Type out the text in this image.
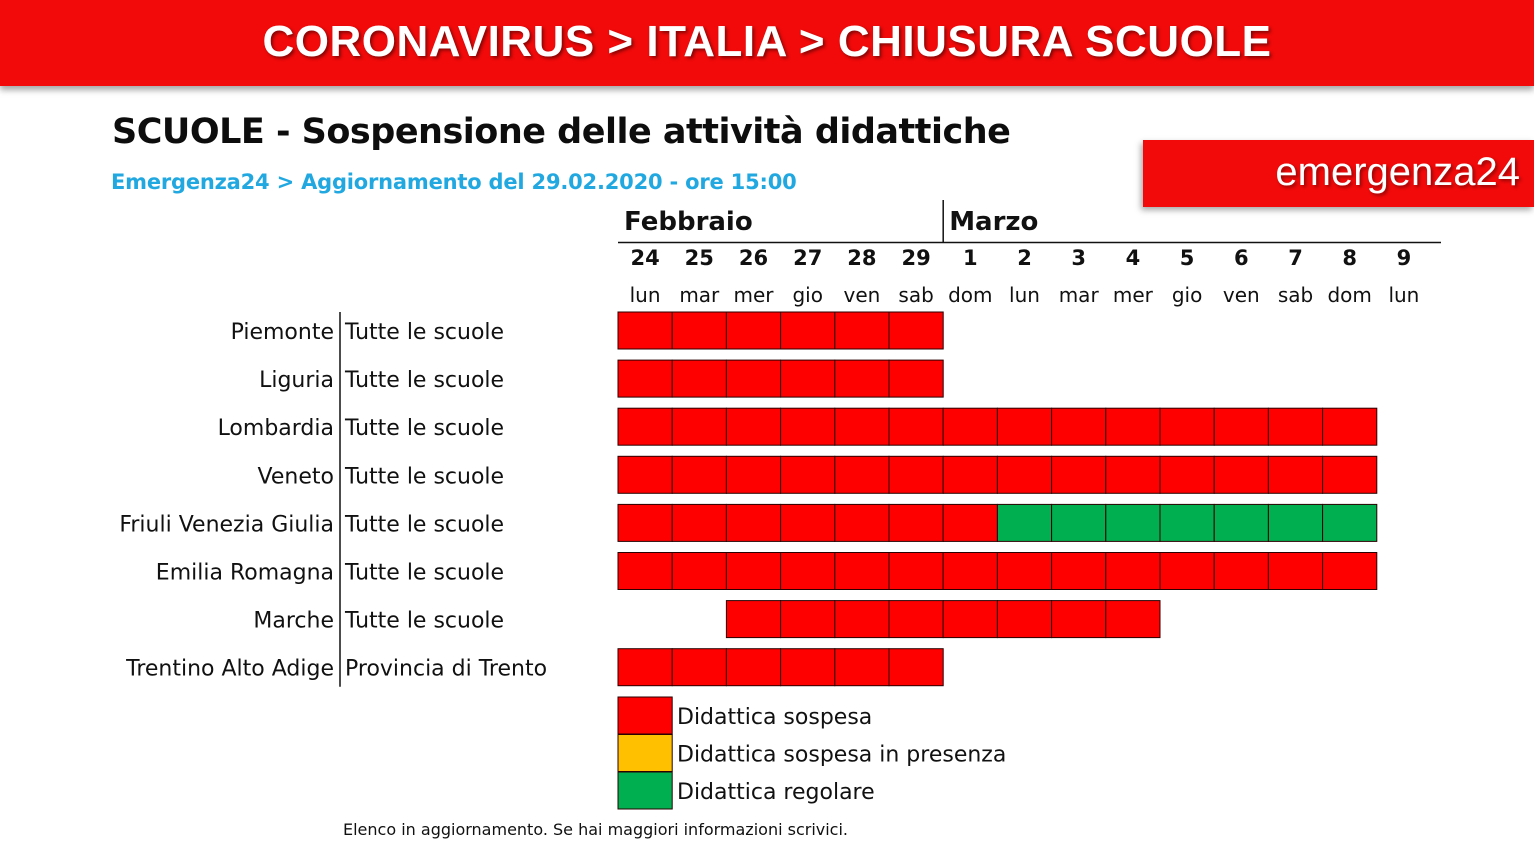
CORONAVIRUS > ITALIA > CHIUSURA SCUOLE
emergenza24
SCUOLE - Sospensione delle attività didattiche
Emergenza24 > Aggiornamento del 29.02.2020 - ore 15:00
Febbraio	Marzo
24
lun
25
mar
26
mer
27
gio
28
ven
29
sab
1
dom
2
lun
3
mar
4
mer
5
gio
6
ven
7
sab
8
dom
9
lun
Piemonte Tutte le scuole
Liguria Tutte le scuole
Lombardia Tutte le scuole
Veneto Tutte le scuole
Friuli Venezia Giulia Tutte le scuole
Emilia Romagna Tutte le scuole
Marche Tutte le scuole
Trentino Alto Adige Provincia di Trento
Didattica sospesa
Didattica sospesa in presenza
Didattica regolare
Elenco in aggiornamento. Se hai maggiori informazioni scrivici.
